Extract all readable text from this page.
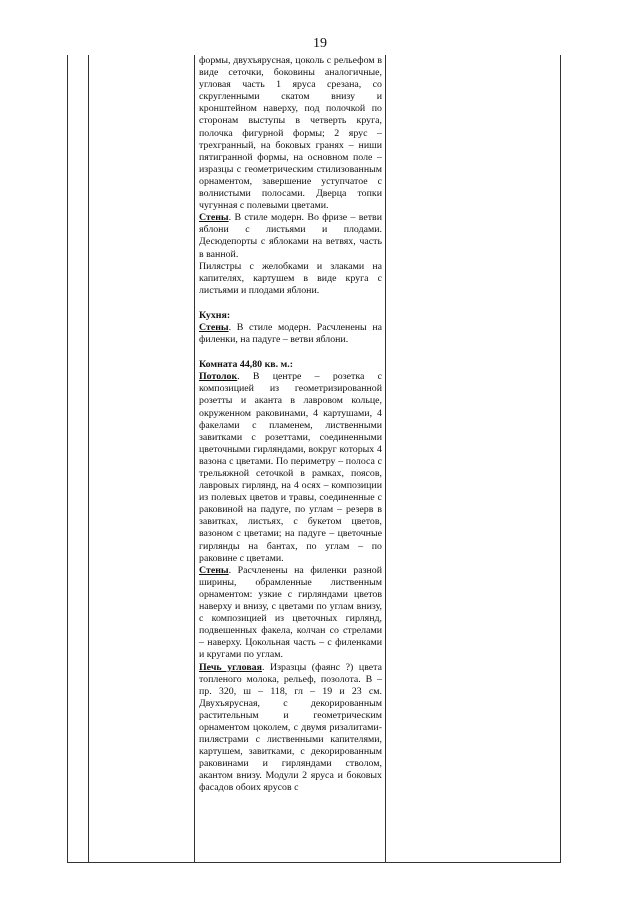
19

формы, двухъярусная, цоколь с рельефом в виде сеточки, боковины аналогичные, угловая часть 1 яруса срезана, со скругленными скатом внизу и кронштейном наверху, под полочкой по сторонам выступы в четверть круга, полочка фигурной формы; 2 ярус – трехгранный, на боковых гранях – ниши пятигранной формы, на основном поле – изразцы с геометрическим стилизованным орнаментом, завершение уступчатое с волнистыми полосами. Дверца топки чугунная с полевыми цветами.

Стены. В стиле модерн. Во фризе – ветви яблони с листьями и плодами. Десюдепорты с яблоками на ветвях, часть в ванной.

Пилястры с желобками и злаками на капителях, картушем в виде круга с листьями и плодами яблони.

Кухня:

Стены. В стиле модерн. Расчленены на филенки, на падуге – ветви яблони.

Комната 44,80 кв. м.:

Потолок. В центре – розетка с композицией из геометризированной розетты и аканта в лавровом кольце, окруженном раковинами, 4 картушами, 4 факелами с пламенем, лиственными завитками с розеттами, соединенными цветочными гирляндами, вокруг которых 4 вазона с цветами. По периметру – полоса с трельяжной сеточкой в рамках, поясов, лавровых гирлянд, на 4 осях – композиции из полевых цветов и травы, соединенные с раковиной на падуге, по углам – резерв в завитках, листьях, с букетом цветов, вазоном с цветами; на падуге – цветочные гирлянды на бантах, по углам – по раковине с цветами.

Стены. Расчленены на филенки разной ширины, обрамленные лиственным орнаментом: узкие с гирляндами цветов наверху и внизу, с цветами по углам внизу, с композицией из цветочных гирлянд, подвешенных факела, колчан со стрелами – наверху. Цокольная часть – с филенками и кругами по углам.

Печь угловая. Изразцы (фаянс ?) цвета топленого молока, рельеф, позолота. В – пр. 320, ш – 118, гл – 19 и 23 см. Двухъярусная, с декорированным растительным и геометрическим орнаментом цоколем, с двумя ризалитами-пилястрами с лиственными капителями, картушем, завитками, с декорированным раковинами и гирляндами стволом, акантом внизу. Модули 2 яруса и боковых фасадов обоих ярусов с
